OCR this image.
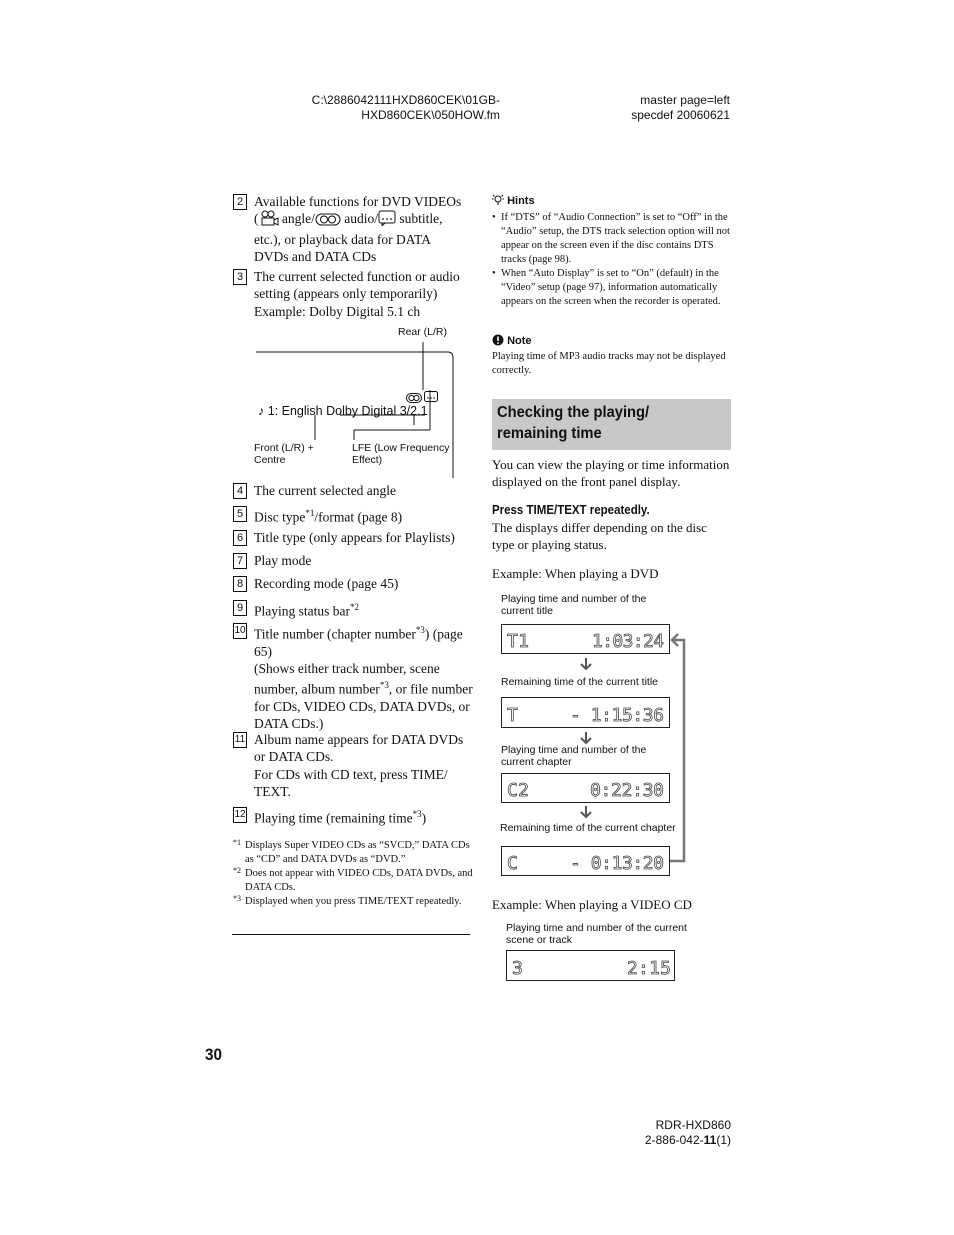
C:\2886042111HXD860CEK\01GB-
HXD860CEK\050HOW.fm
master page=left
specdef 20060621
2 Available functions for DVD VIDEOs
( angle/ audio/ subtitle,
etc.), or playback data for DATA
DVDs and DATA CDs
3 The current selected function or audio
setting (appears only temporarily)
Example: Dolby Digital 5.1 ch
Rear (L/R)
♪ 1: English Dolby Digital 3/2.1
Front (L/R) + Centre
LFE (Low Frequency Effect)
4 The current selected angle
5 Disc type$^{*1}$/format (page 8)
6 Title type (only appears for Playlists)
7 Play mode
8 Recording mode (page 45)
9 Playing status bar$^{*2}$
10 Title number (chapter number$^{*3}$) (page 65)
(Shows either track number, scene number, album number$^{*3}$, or file number for CDs, VIDEO CDs, DATA DVDs, or DATA CDs.)
11 Album name appears for DATA DVDs or DATA CDs.
For CDs with CD text, press TIME/ TEXT.
12 Playing time (remaining time$^{*3}$)
*1 Displays Super VIDEO CDs as “SVCD,” DATA CDs as “CD” and DATA DVDs as “DVD.”
*2 Does not appear with VIDEO CDs, DATA DVDs, and DATA CDs.
*3 Displayed when you press TIME/TEXT repeatedly.
Hints
• If “DTS” of “Audio Connection” is set to “Off” in the “Audio” setup, the DTS track selection option will not appear on the screen even if the disc contains DTS tracks (page 98).
• When “Auto Display” is set to “On” (default) in the “Video” setup (page 97), information automatically appears on the screen when the recorder is operated.
Note
Playing time of MP3 audio tracks may not be displayed correctly.
Checking the playing/
remaining time
You can view the playing or time information displayed on the front panel display.
Press TIME/TEXT repeatedly.
The displays differ depending on the disc type or playing status.
Example: When playing a DVD
Playing time and number of the current title
T 1	1:03:24
Remaining time of the current title
T	- 1:15:36
Playing time and number of the current chapter
C 2	0:22:30
Remaining time of the current chapter
C	- 0:13:20
Example: When playing a VIDEO CD
Playing time and number of the current scene or track
3	2:15
30
RDR-HXD860
2-886-042-11(1)
